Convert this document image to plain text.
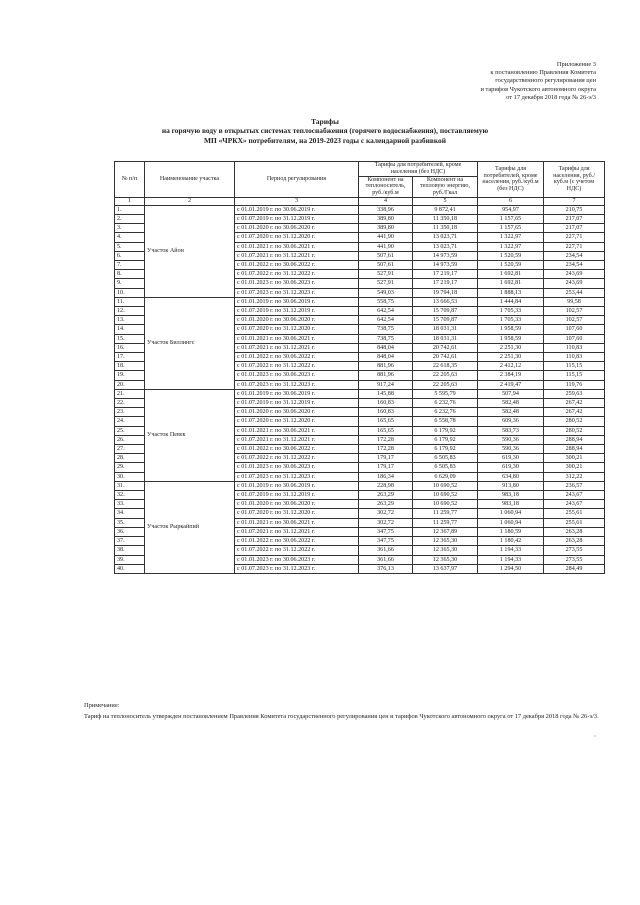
Приложение 3
к постановлению Правления Комитета
государственного регулирования цен
и тарифов Чукотского автономного округа
от 17 декабря 2018 года № 26-э/3
Тарифы
на горячую воду в открытых системах теплоснабжения (горячего водоснабжения), поставляемую
МП «ЧРКХ» потребителям, на 2019-2023 годы с календарной разбивкой
№ п/п	Наименование участка	Период регулирования	Тарифы для потребителей, кроме населения (без НДС)		Тарифы для потребителей, кроме населения, руб./куб.м (без НДС)	Тарифы для населения, руб./куб.м (с учетом НДС)
			Компонент на теплоноситель, руб./куб.м	Компонент на тепловую энергию, руб./Гкал		
1	2	3	4	5	6	7
1.	Участок Айон	с 01.01.2019 г. по 30.06.2019 г.	338,96	9 872,41	954,97	210,75
2.		с 01.07.2019 г. по 31.12.2019 г.	389,80	11 350,18	1 157,65	217,07
3.		с 01.01.2020 г. по 30.06.2020 г.	389,80	11 350,18	1 157,65	217,07
4.		с 01.07.2020 г. по 31.12.2020 г.	441,90	13 023,71	1 322,97	227,71
5.		с 01.01.2021 г. по 30.06.2021 г.	441,90	13 023,71	1 322,97	227,71
6.		с 01.07.2021 г. по 31.12.2021 г.	507,61	14 973,59	1 520,59	234,54
7.		с 01.01.2022 г. по 30.06.2022 г.	507,61	14 973,59	1 520,59	234,54
8.		с 01.07.2022 г. по 31.12.2022 г.	527,91	17 219,17	1 692,81	243,69
9.		с 01.01.2023 г. по 30.06.2023 г.	527,91	17 219,17	1 692,81	243,69
10.		с 01.07.2023 г. по 31.12.2023 г.	549,03	19 794,18	1 888,13	253,44
11.	Участок Биллингс	с 01.01.2019 г. по 30.06.2019 г.	558,75	13 666,53	1 444,84	99,58
12.		с 01.07.2019 г. по 31.12.2019 г.	642,54	15 709,87	1 705,33	102,57
13.		с 01.01.2020 г. по 30.06.2020 г.	642,54	15 709,87	1 705,33	102,57
14.		с 01.07.2020 г. по 31.12.2020 г.	738,75	18 031,31	1 958,59	107,60
15.		с 01.01.2021 г. по 30.06.2021 г.	738,75	18 031,31	1 958,59	107,60
16.		с 01.07.2021 г. по 31.12.2021 г.	848,04	20 742,61	2 251,30	110,83
17.		с 01.01.2022 г. по 30.06.2022 г.	848,04	20 742,61	2 251,30	110,83
18.		с 01.07.2022 г. по 31.12.2022 г.	881,96	22 618,35	2 412,12	115,15
19.		с 01.01.2023 г. по 30.06.2023 г.	881,96	22 205,63	2 384,19	115,15
20.		с 01.07.2023 г. по 31.12.2023 г.	917,24	22 205,63	2 419,47	119,76
21.	Участок Певек	с 01.01.2019 г. по 30.06.2019 г.	145,88	5 595,79	507,94	259,63
22.		с 01.07.2019 г. по 31.12.2019 г.	160,83	6 232,76	582,48	267,42
23.		с 01.01.2020 г. по 30.06.2020 г.	160,83	6 232,76	582,48	267,42
24.		с 01.07.2020 г. по 31.12.2020 г.	165,65	6 558,78	609,36	280,52
25.		с 01.01.2021 г. по 30.06.2021 г.	165,65	6 179,92	583,73	280,52
26.		с 01.07.2021 г. по 31.12.2021 г.	172,28	6 179,92	590,36	288,94
27.		с 01.01.2022 г. по 30.06.2022 г.	172,28	6 179,92	590,36	288,94
28.		с 01.07.2022 г. по 31.12.2022 г.	179,17	6 505,83	619,30	300,21
29.		с 01.01.2023 г. по 30.06.2023 г.	179,17	6 505,83	619,30	300,21
30.		с 01.07.2023 г. по 31.12.2023 г.	186,34	6 629,09	634,80	312,22
31.	Участок Рыркайпий	с 01.01.2019 г. по 30.06.2019 г.	228,98	10 690,52	913,80	236,57
32.		с 01.07.2019 г. по 31.12.2019 г.	263,29	10 690,52	983,18	243,67
33.		с 01.01.2020 г. по 30.06.2020 г.	263,29	10 690,52	983,18	243,67
34.		с 01.07.2020 г. по 31.12.2020 г.	302,72	11 259,77	1 060,94	255,61
35.		с 01.01.2021 г. по 30.06.2021 г.	302,72	11 259,77	1 060,94	255,61
36.		с 01.07.2021 г. по 31.12.2021 г.	347,75	12 367,89	1 180,59	263,28
37.		с 01.01.2022 г. по 30.06.2022 г.	347,75	12 365,30	1 180,42	263,28
38.		с 01.07.2022 г. по 31.12.2022 г.	361,66	12 365,30	1 194,33	273,55
39.		с 01.01.2023 г. по 30.06.2023 г.	361,66	12 365,30	1 194,33	273,55
40.		с 01.07.2023 г. по 31.12.2023 г.	376,13	13 637,97	1 294,50	284,49
Примечание:
Тариф на теплоноситель утвержден постановлением Правления Комитета государственного регулирования цен и тарифов Чукотского автономного округа от 17 декабря 2018 года № 26-э/3.
"
